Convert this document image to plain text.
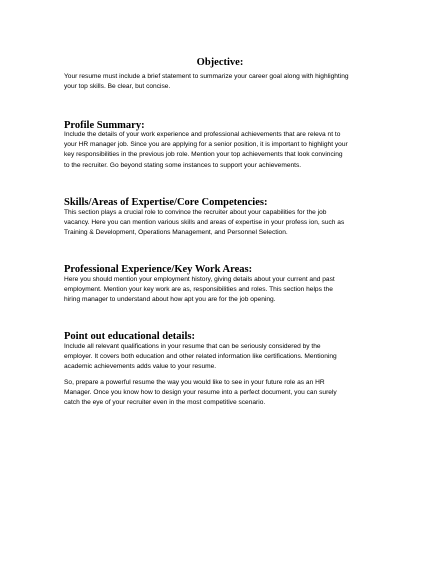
Objective:
Your resume must include a brief statement to summarize your career goal along with highlighting
your top skills. Be clear, but concise.
Profile Summary:
Include the details of your work experience and professional achievements that are releva nt to
your HR manager job. Since you are applying for a senior position, it is important to highlight your
key responsibilities in the previous job role. Mention your top achievements that look convincing
to the recruiter. Go beyond stating some instances to support your achievements.
Skills/Areas of Expertise/Core Competencies:
This section plays a crucial role to convince the recruiter about your capabilities for the job
vacancy. Here you can mention various skills and areas of expertise in your profess ion, such as
Training & Development, Operations Management, and Personnel Selection.
Professional Experience/Key Work Areas:
Here you should mention your employment history, giving details about your current and past
employment. Mention your key work are as, responsibilities and roles. This section helps the
hiring manager to understand about how apt you are for the job opening.
Point out educational details:
Include all relevant qualifications in your resume that can be seriously considered by the
employer. It covers both education and other related information like certifications. Mentioning
academic achievements adds value to your resume.
So, prepare a powerful resume the way you would like to see in your future role as an HR
Manager. Once you know how to design your resume into a perfect document, you can surely
catch the eye of your recruiter even in the most competitive scenario.
